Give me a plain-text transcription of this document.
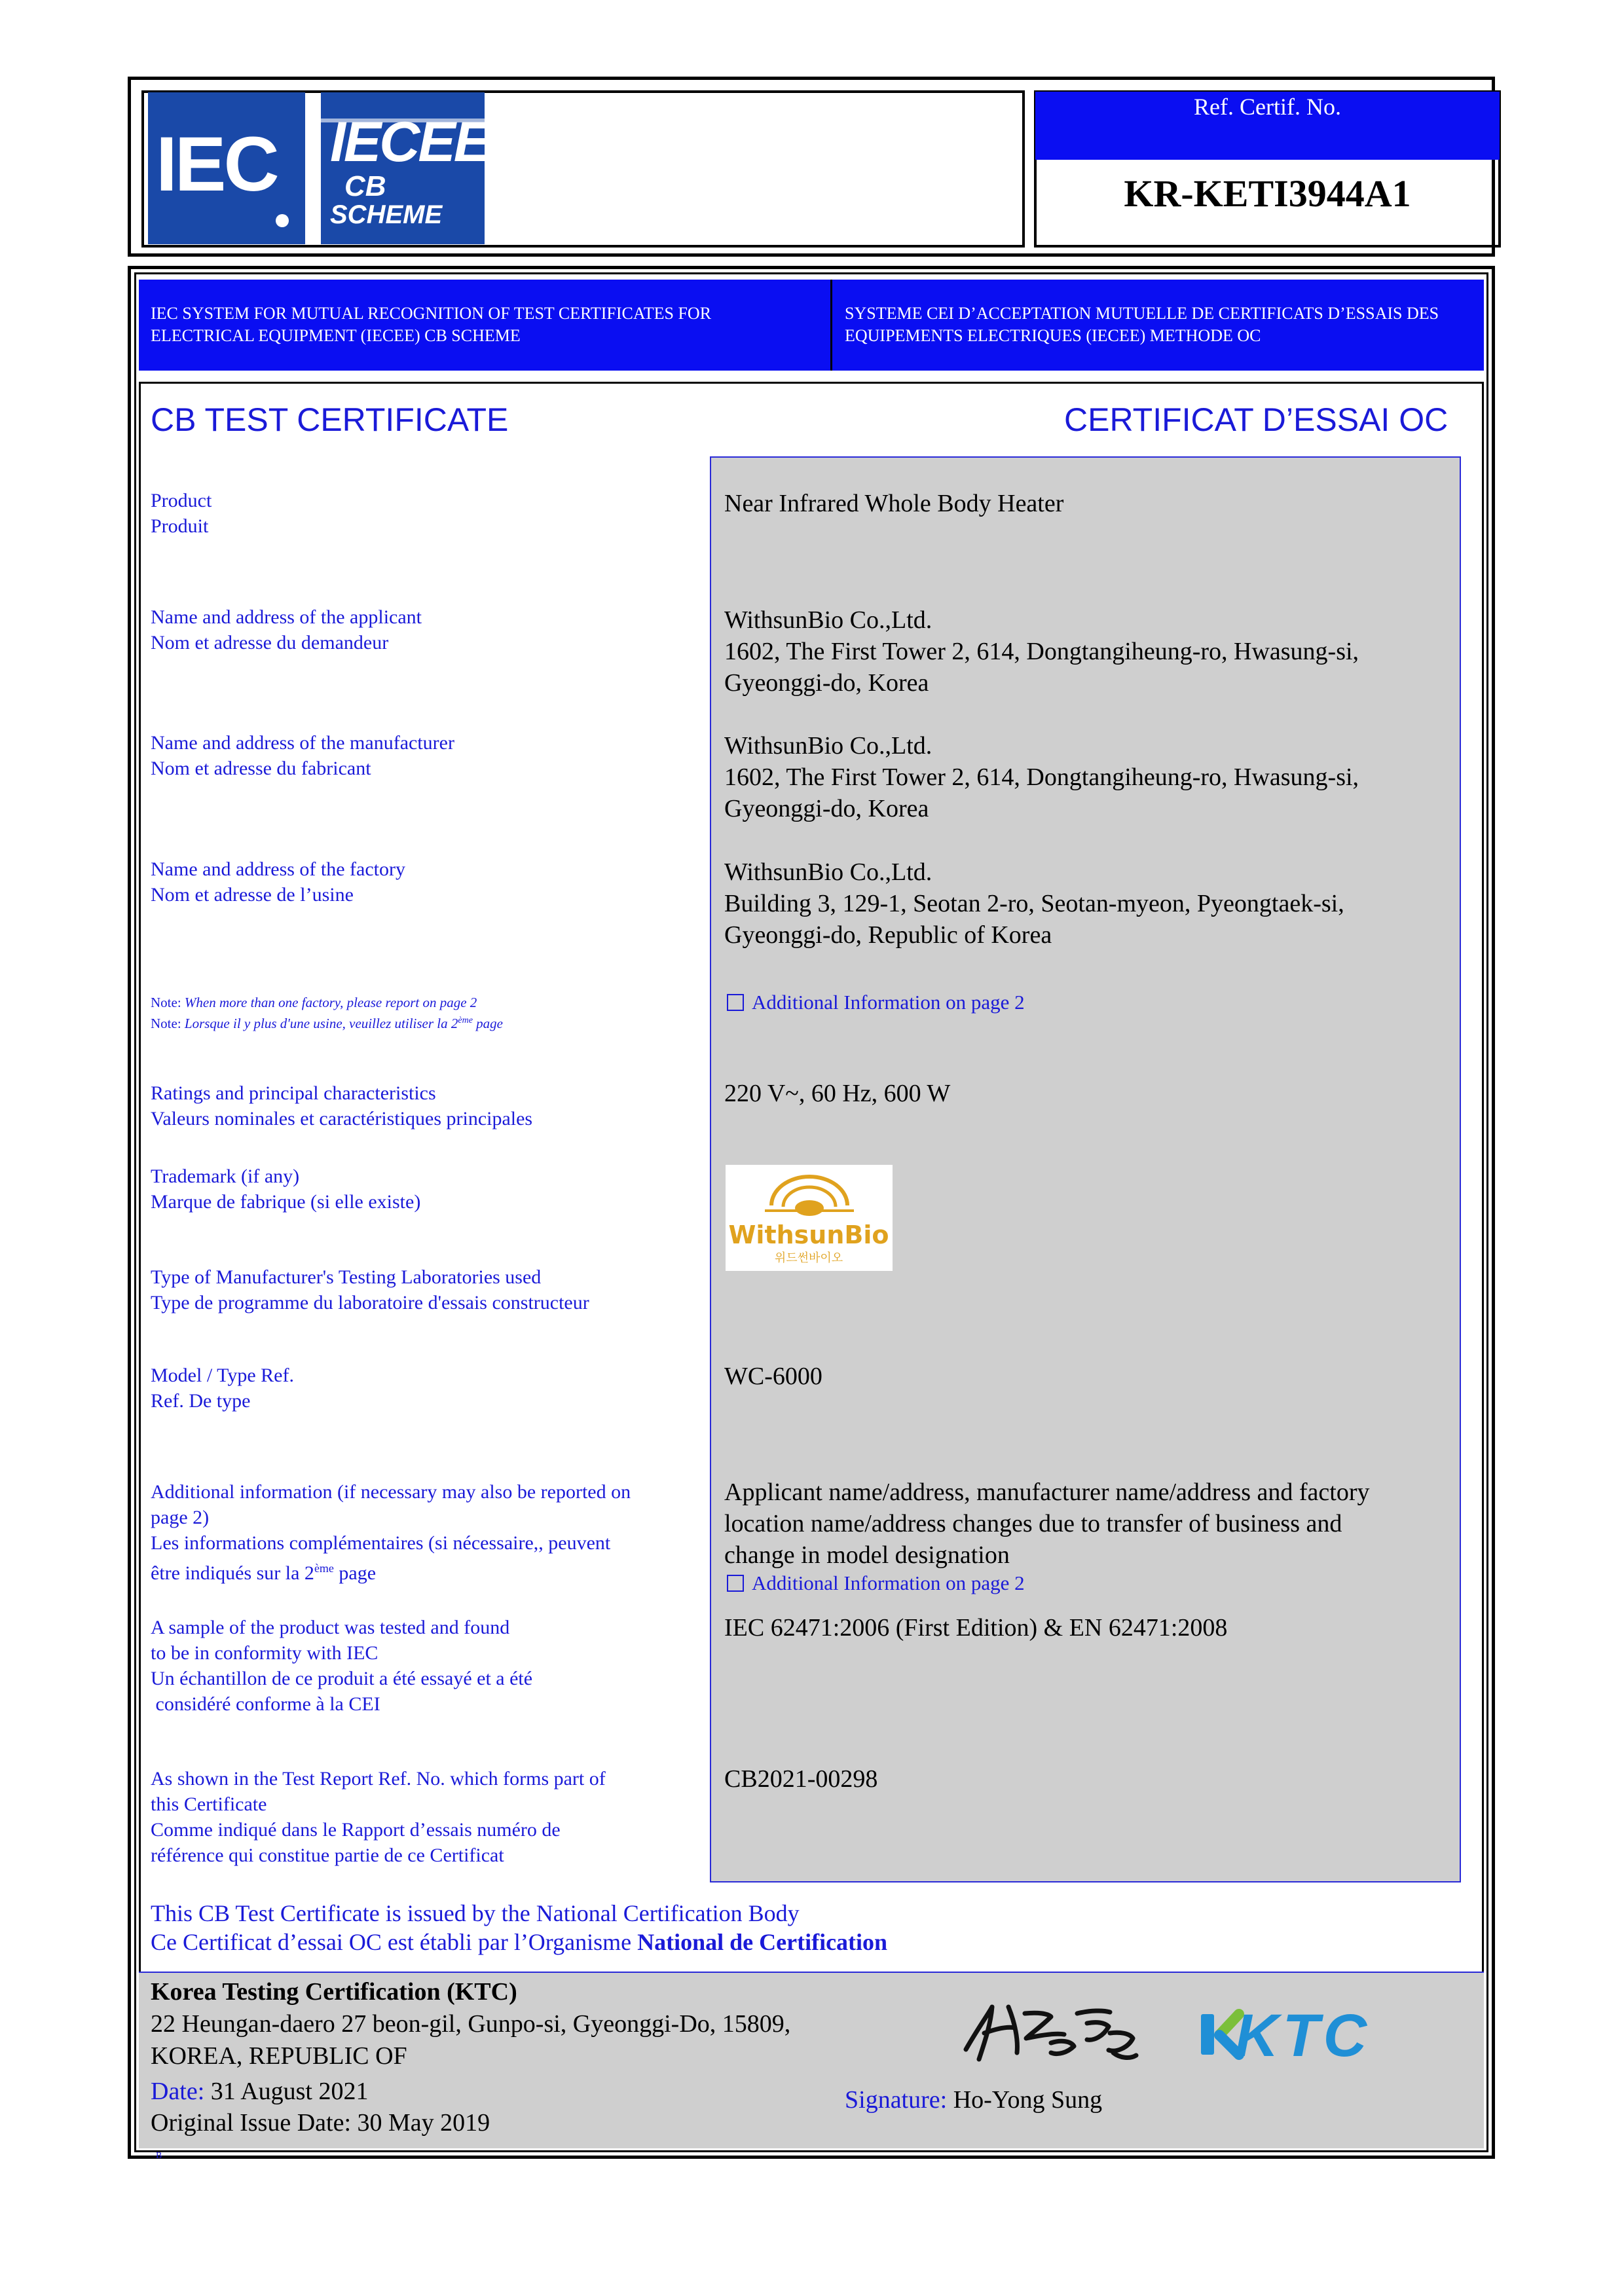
IEC IECEE
CB
SCHEME
Ref. Certif. No.
KR-KETI3944A1
IEC SYSTEM FOR MUTUAL RECOGNITION OF TEST CERTIFICATES FOR ELECTRICAL EQUIPMENT (IECEE) CB SCHEME
SYSTEME CEI D’ACCEPTATION MUTUELLE DE CERTIFICATS D’ESSAIS DES EQUIPEMENTS ELECTRIQUES (IECEE) METHODE OC
CB TEST CERTIFICATE	CERTIFICAT D’ESSAI OC
Product
Produit
Near Infrared Whole Body Heater
Name and address of the applicant
Nom et adresse du demandeur
WithsunBio Co.,Ltd.
1602, The First Tower 2, 614, Dongtangiheung-ro, Hwasung-si,
Gyeonggi-do, Korea
Name and address of the manufacturer
Nom et adresse du fabricant
WithsunBio Co.,Ltd.
1602, The First Tower 2, 614, Dongtangiheung-ro, Hwasung-si,
Gyeonggi-do, Korea
Name and address of the factory
Nom et adresse de l’usine
WithsunBio Co.,Ltd.
Building 3, 129-1, Seotan 2-ro, Seotan-myeon, Pyeongtaek-si,
Gyeonggi-do, Republic of Korea
Note: When more than one factory, please report on page 2
Note: Lorsque il y plus d'une usine, veuillez utiliser la 2ème page
Additional Information on page 2
Ratings and principal characteristics
Valeurs nominales et caractéristiques principales
220 V~, 60 Hz, 600 W
Trademark (if any)
Marque de fabrique (si elle existe)
WithsunBio
위드썬바이오
Type of Manufacturer's Testing Laboratories used
Type de programme du laboratoire d'essais constructeur
Model / Type Ref.
Ref. De type
WC-6000
Additional information (if necessary may also be reported on
page 2)
Les informations complémentaires (si nécessaire,, peuvent
être indiqués sur la 2ème page
Applicant name/address, manufacturer name/address and factory
location name/address changes due to transfer of business and
change in model designation
Additional Information on page 2
A sample of the product was tested and found
to be in conformity with IEC
Un échantillon de ce produit a été essayé et a été
considéré conforme à la CEI
IEC 62471:2006 (First Edition) & EN 62471:2008
As shown in the Test Report Ref. No. which forms part of
this Certificate
Comme indiqué dans le Rapport d’essais numéro de
référence qui constitue partie de ce Certificat
CB2021-00298
This CB Test Certificate is issued by the National Certification Body
Ce Certificat d’essai OC est établi par l’Organisme National de Certification
Korea Testing Certification (KTC)
22 Heungan-daero 27 beon-gil, Gunpo-si, Gyeonggi-Do, 15809,
KOREA, REPUBLIC OF
Date: 31 August 2021
Original Issue Date: 30 May 2019
Signature: Ho-Yong Sung
KTC
B
